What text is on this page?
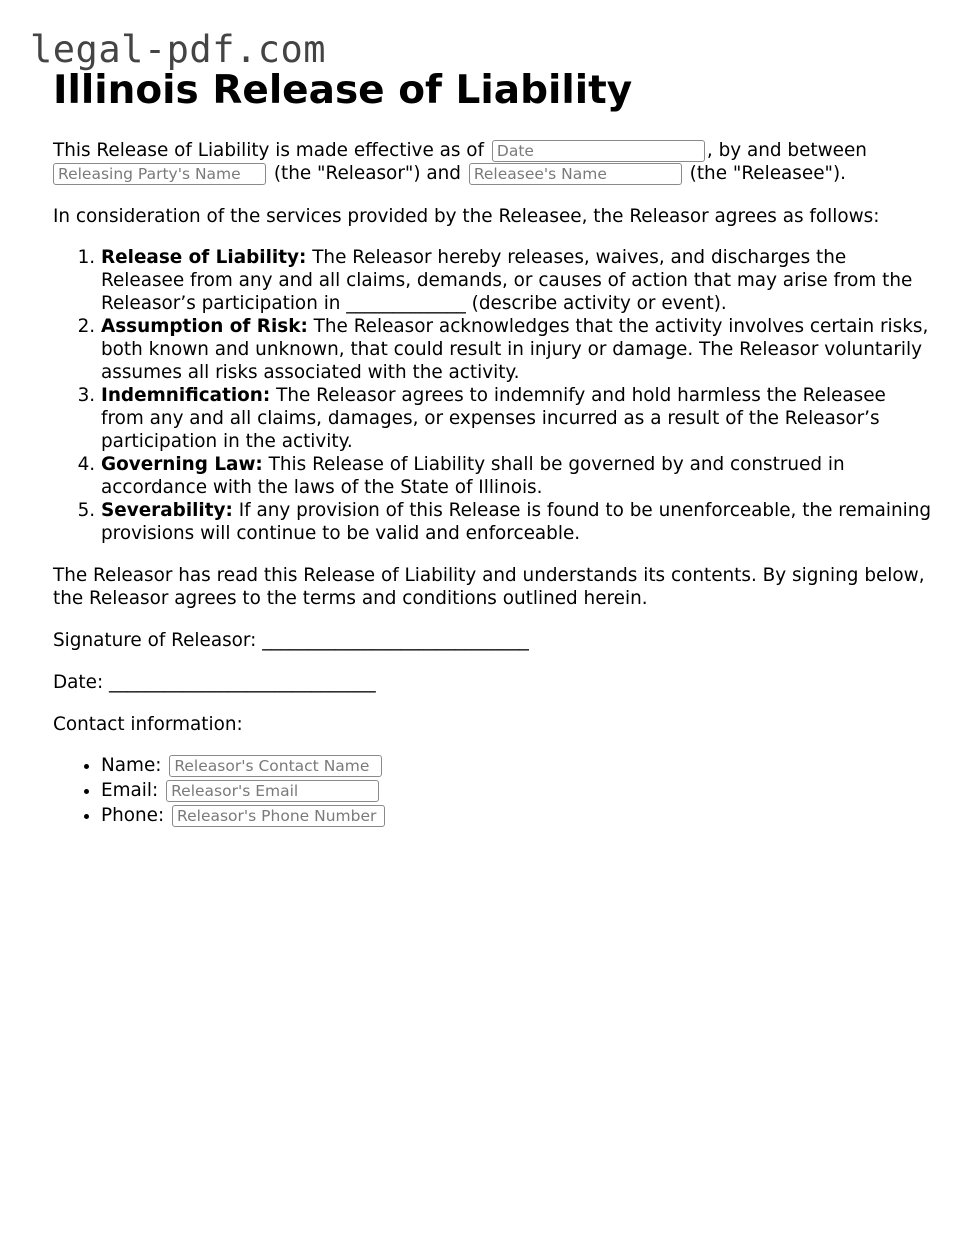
legal-pdf.com
Illinois Release of Liability

This Release of Liability is made effective as of Date	, by and between
Releasing Party's Name (the "Releasor") and Releasee's Name	(the "Releasee").

In consideration of the services provided by the Releasee, the Releasor agrees as follows:

1. Release of Liability: The Releasor hereby releases, waives, and discharges the Releasee from any and all claims, demands, or causes of action that may arise from the Releasor’s participation in _____________ (describe activity or event).
2. Assumption of Risk: The Releasor acknowledges that the activity involves certain risks, both known and unknown, that could result in injury or damage. The Releasor voluntarily assumes all risks associated with the activity.
3. Indemnification: The Releasor agrees to indemnify and hold harmless the Releasee from any and all claims, damages, or expenses incurred as a result of the Releasor’s participation in the activity.
4. Governing Law: This Release of Liability shall be governed by and construed in accordance with the laws of the State of Illinois.
5. Severability: If any provision of this Release is found to be unenforceable, the remaining provisions will continue to be valid and enforceable.

The Releasor has read this Release of Liability and understands its contents. By signing below, the Releasor agrees to the terms and conditions outlined herein.

Signature of Releasor: _____________________________

Date: _____________________________

Contact information:

• Name: Releasor's Contact Name
• Email: Releasor's Email
• Phone: Releasor's Phone Number
